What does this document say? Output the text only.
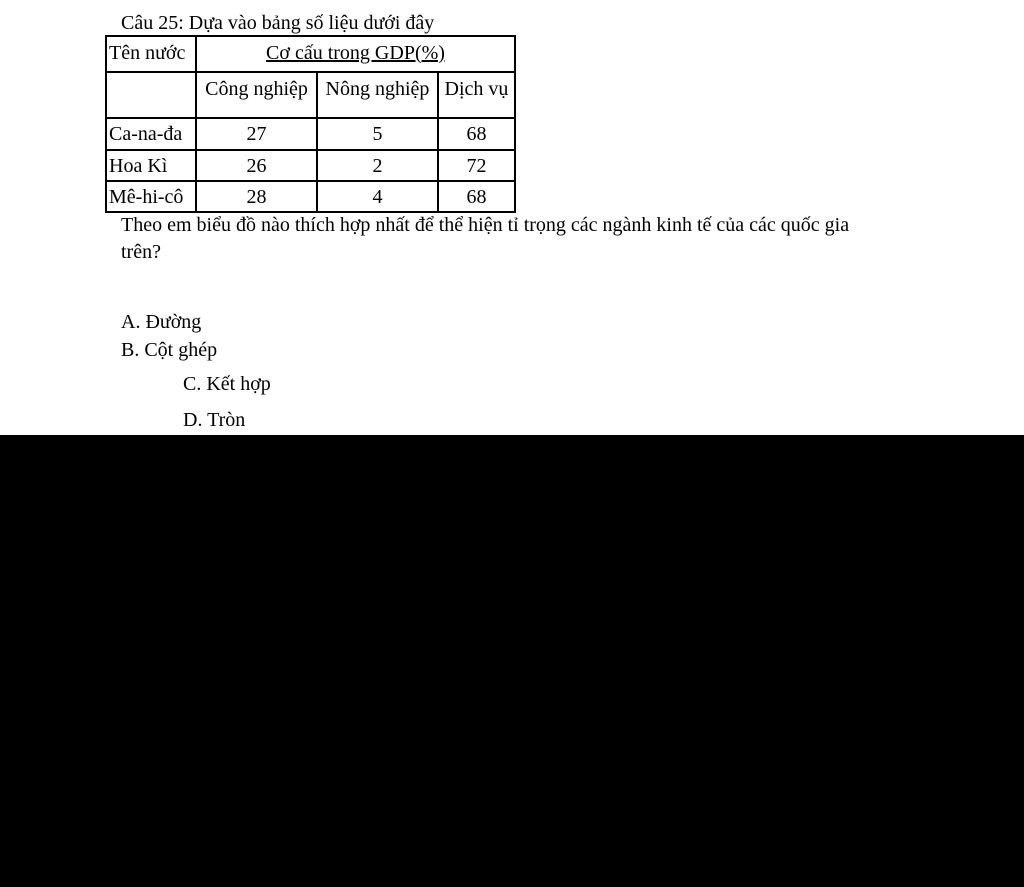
Câu 25: Dựa vào bảng số liệu dưới đây
Tên nước	Cơ cấu trong GDP(%)		
	Công nghiệp	Nông nghiệp	Dịch vụ
Ca-na-đa	27	5	68
Hoa Kì	26	2	72
Mê-hi-cô	28	4	68
Theo em biểu đồ nào thích hợp nhất để thể hiện tỉ trọng các ngành kinh tế của các quốc gia
trên?
A. Đường
B. Cột ghép
C. Kết hợp
D. Tròn
